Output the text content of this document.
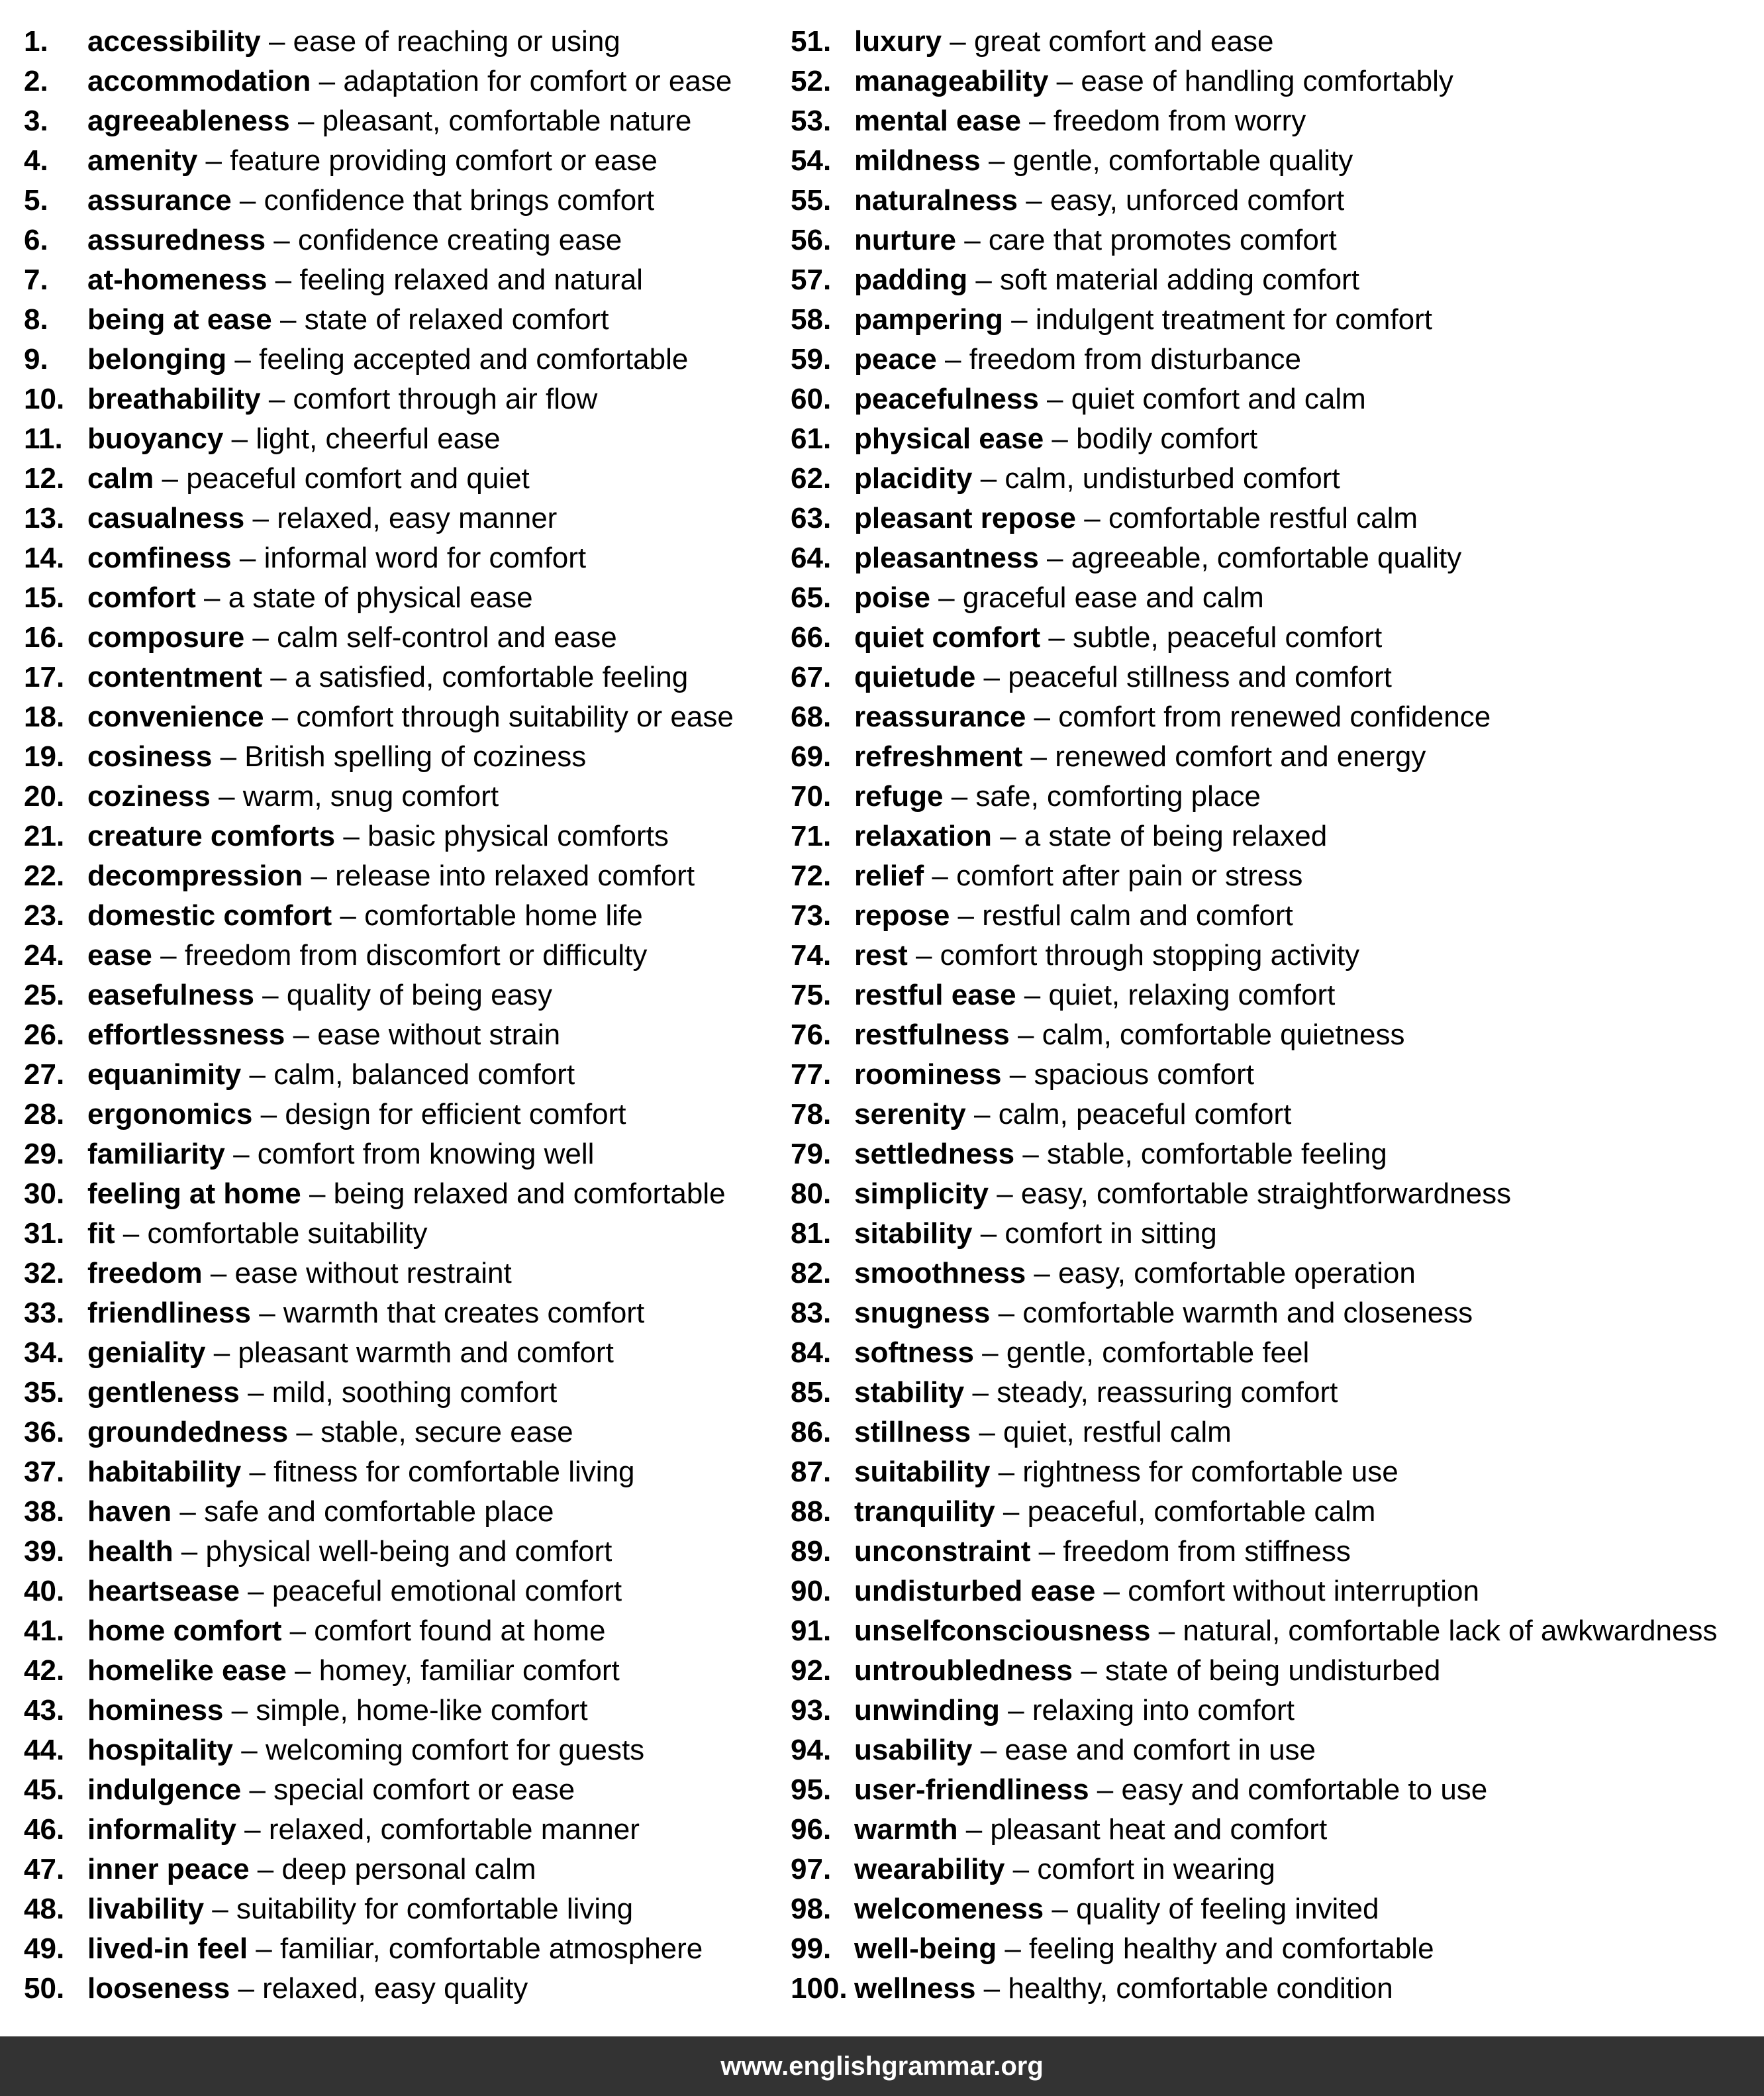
1.	accessibility – ease of reaching or using
2.	accommodation – adaptation for comfort or ease
3.	agreeableness – pleasant, comfortable nature
4.	amenity – feature providing comfort or ease
5.	assurance – confidence that brings comfort
6.	assuredness – confidence creating ease
7.	at-homeness – feeling relaxed and natural
8.	being at ease – state of relaxed comfort
9.	belonging – feeling accepted and comfortable
10. breathability – comfort through air flow
11. buoyancy – light, cheerful ease
12. calm – peaceful comfort and quiet
13. casualness – relaxed, easy manner
14. comfiness – informal word for comfort
15. comfort – a state of physical ease
16. composure – calm self-control and ease
17. contentment – a satisfied, comfortable feeling
18. convenience – comfort through suitability or ease
19. cosiness – British spelling of coziness
20. coziness – warm, snug comfort
21. creature comforts – basic physical comforts
22. decompression – release into relaxed comfort
23. domestic comfort – comfortable home life
24. ease – freedom from discomfort or difficulty
25. easefulness – quality of being easy
26. effortlessness – ease without strain
27. equanimity – calm, balanced comfort
28. ergonomics – design for efficient comfort
29. familiarity – comfort from knowing well
30. feeling at home – being relaxed and comfortable
31. fit – comfortable suitability
32. freedom – ease without restraint
33. friendliness – warmth that creates comfort
34. geniality – pleasant warmth and comfort
35. gentleness – mild, soothing comfort
36. groundedness – stable, secure ease
37. habitability – fitness for comfortable living
38. haven – safe and comfortable place
39. health – physical well-being and comfort
40. heartsease – peaceful emotional comfort
41. home comfort – comfort found at home
42. homelike ease – homey, familiar comfort
43. hominess – simple, home-like comfort
44. hospitality – welcoming comfort for guests
45. indulgence – special comfort or ease
46. informality – relaxed, comfortable manner
47. inner peace – deep personal calm
48. livability – suitability for comfortable living
49. lived-in feel – familiar, comfortable atmosphere
50. looseness – relaxed, easy quality
51. luxury – great comfort and ease
52. manageability – ease of handling comfortably
53. mental ease – freedom from worry
54. mildness – gentle, comfortable quality
55. naturalness – easy, unforced comfort
56. nurture – care that promotes comfort
57. padding – soft material adding comfort
58. pampering – indulgent treatment for comfort
59. peace – freedom from disturbance
60. peacefulness – quiet comfort and calm
61. physical ease – bodily comfort
62. placidity – calm, undisturbed comfort
63. pleasant repose – comfortable restful calm
64. pleasantness – agreeable, comfortable quality
65. poise – graceful ease and calm
66. quiet comfort – subtle, peaceful comfort
67. quietude – peaceful stillness and comfort
68. reassurance – comfort from renewed confidence
69. refreshment – renewed comfort and energy
70. refuge – safe, comforting place
71. relaxation – a state of being relaxed
72. relief – comfort after pain or stress
73. repose – restful calm and comfort
74. rest – comfort through stopping activity
75. restful ease – quiet, relaxing comfort
76. restfulness – calm, comfortable quietness
77. roominess – spacious comfort
78. serenity – calm, peaceful comfort
79. settledness – stable, comfortable feeling
80. simplicity – easy, comfortable straightforwardness
81. sitability – comfort in sitting
82. smoothness – easy, comfortable operation
83. snugness – comfortable warmth and closeness
84. softness – gentle, comfortable feel
85. stability – steady, reassuring comfort
86. stillness – quiet, restful calm
87. suitability – rightness for comfortable use
88. tranquility – peaceful, comfortable calm
89. unconstraint – freedom from stiffness
90. undisturbed ease – comfort without interruption
91. unselfconsciousness – natural, comfortable lack of awkwardness
92. untroubledness – state of being undisturbed
93. unwinding – relaxing into comfort
94. usability – ease and comfort in use
95. user-friendliness – easy and comfortable to use
96. warmth – pleasant heat and comfort
97. wearability – comfort in wearing
98. welcomeness – quality of feeling invited
99. well-being – feeling healthy and comfortable
100. wellness – healthy, comfortable condition
www.englishgrammar.org
